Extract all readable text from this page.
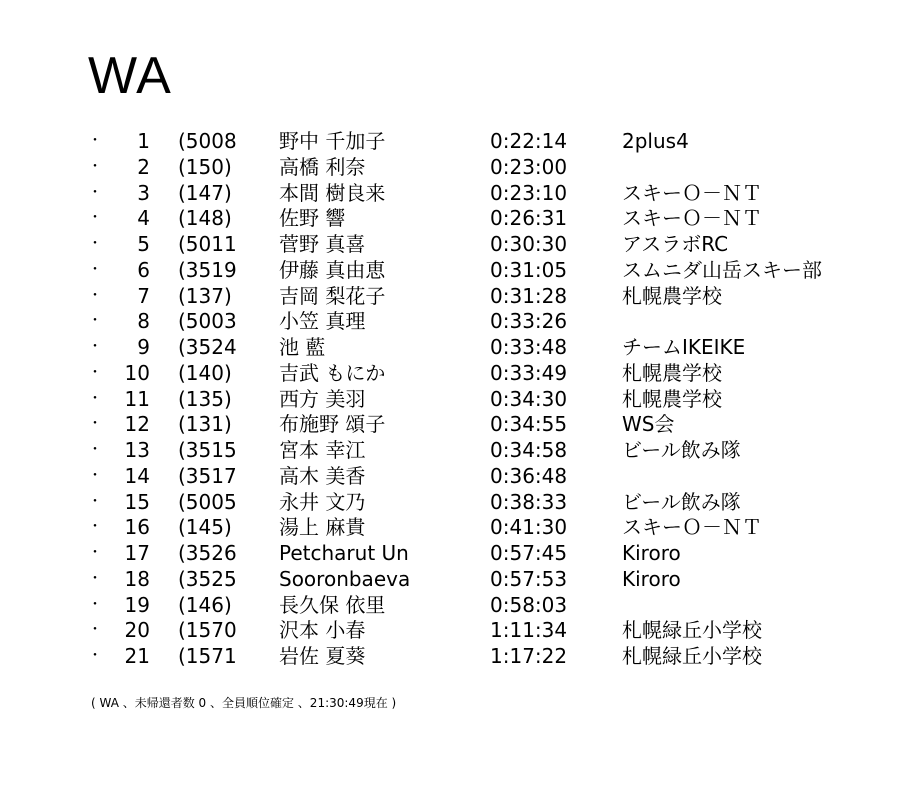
WA
・	1 (5008 野中 千加子	0:22:14	2plus4
・	2 (150) 高橋 利奈	0:23:00
・	3 (147) 本間 樹良来	0:23:10	スキーＯ－ＮＴ
・	4 (148) 佐野 響	0:26:31	スキーＯ－ＮＴ
・	5 (5011 菅野 真喜	0:30:30	アスラボRC
・	6 (3519 伊藤 真由恵	0:31:05	スムニダ山岳スキー部
・	7 (137) 吉岡 梨花子	0:31:28	札幌農学校
・	8 (5003 小笠 真理	0:33:26
・	9 (3524 池 藍	0:33:48	チームIKEIKE
・ 10 (140) 吉武 もにか	0:33:49	札幌農学校
・ 11 (135) 西方 美羽	0:34:30	札幌農学校
・ 12 (131) 布施野 頌子	0:34:55	WS会
・ 13 (3515 宮本 幸江	0:34:58	ビール飲み隊
・ 14 (3517 高木 美香	0:36:48
・ 15 (5005 永井 文乃	0:38:33	ビール飲み隊
・ 16 (145) 湯上 麻貴	0:41:30	スキーＯ－ＮＴ
・ 17 (3526 Petcharut Un	0:57:45	Kiroro
・ 18 (3525 Sooronbaeva	0:57:53	Kiroro
・ 19 (146) 長久保 依里	0:58:03
・ 20 (1570 沢本 小春	1:11:34	札幌緑丘小学校
・ 21 (1571 岩佐 夏葵	1:17:22	札幌緑丘小学校
( WA 、未帰還者数 0 、全員順位確定 、21:30:49現在 )
